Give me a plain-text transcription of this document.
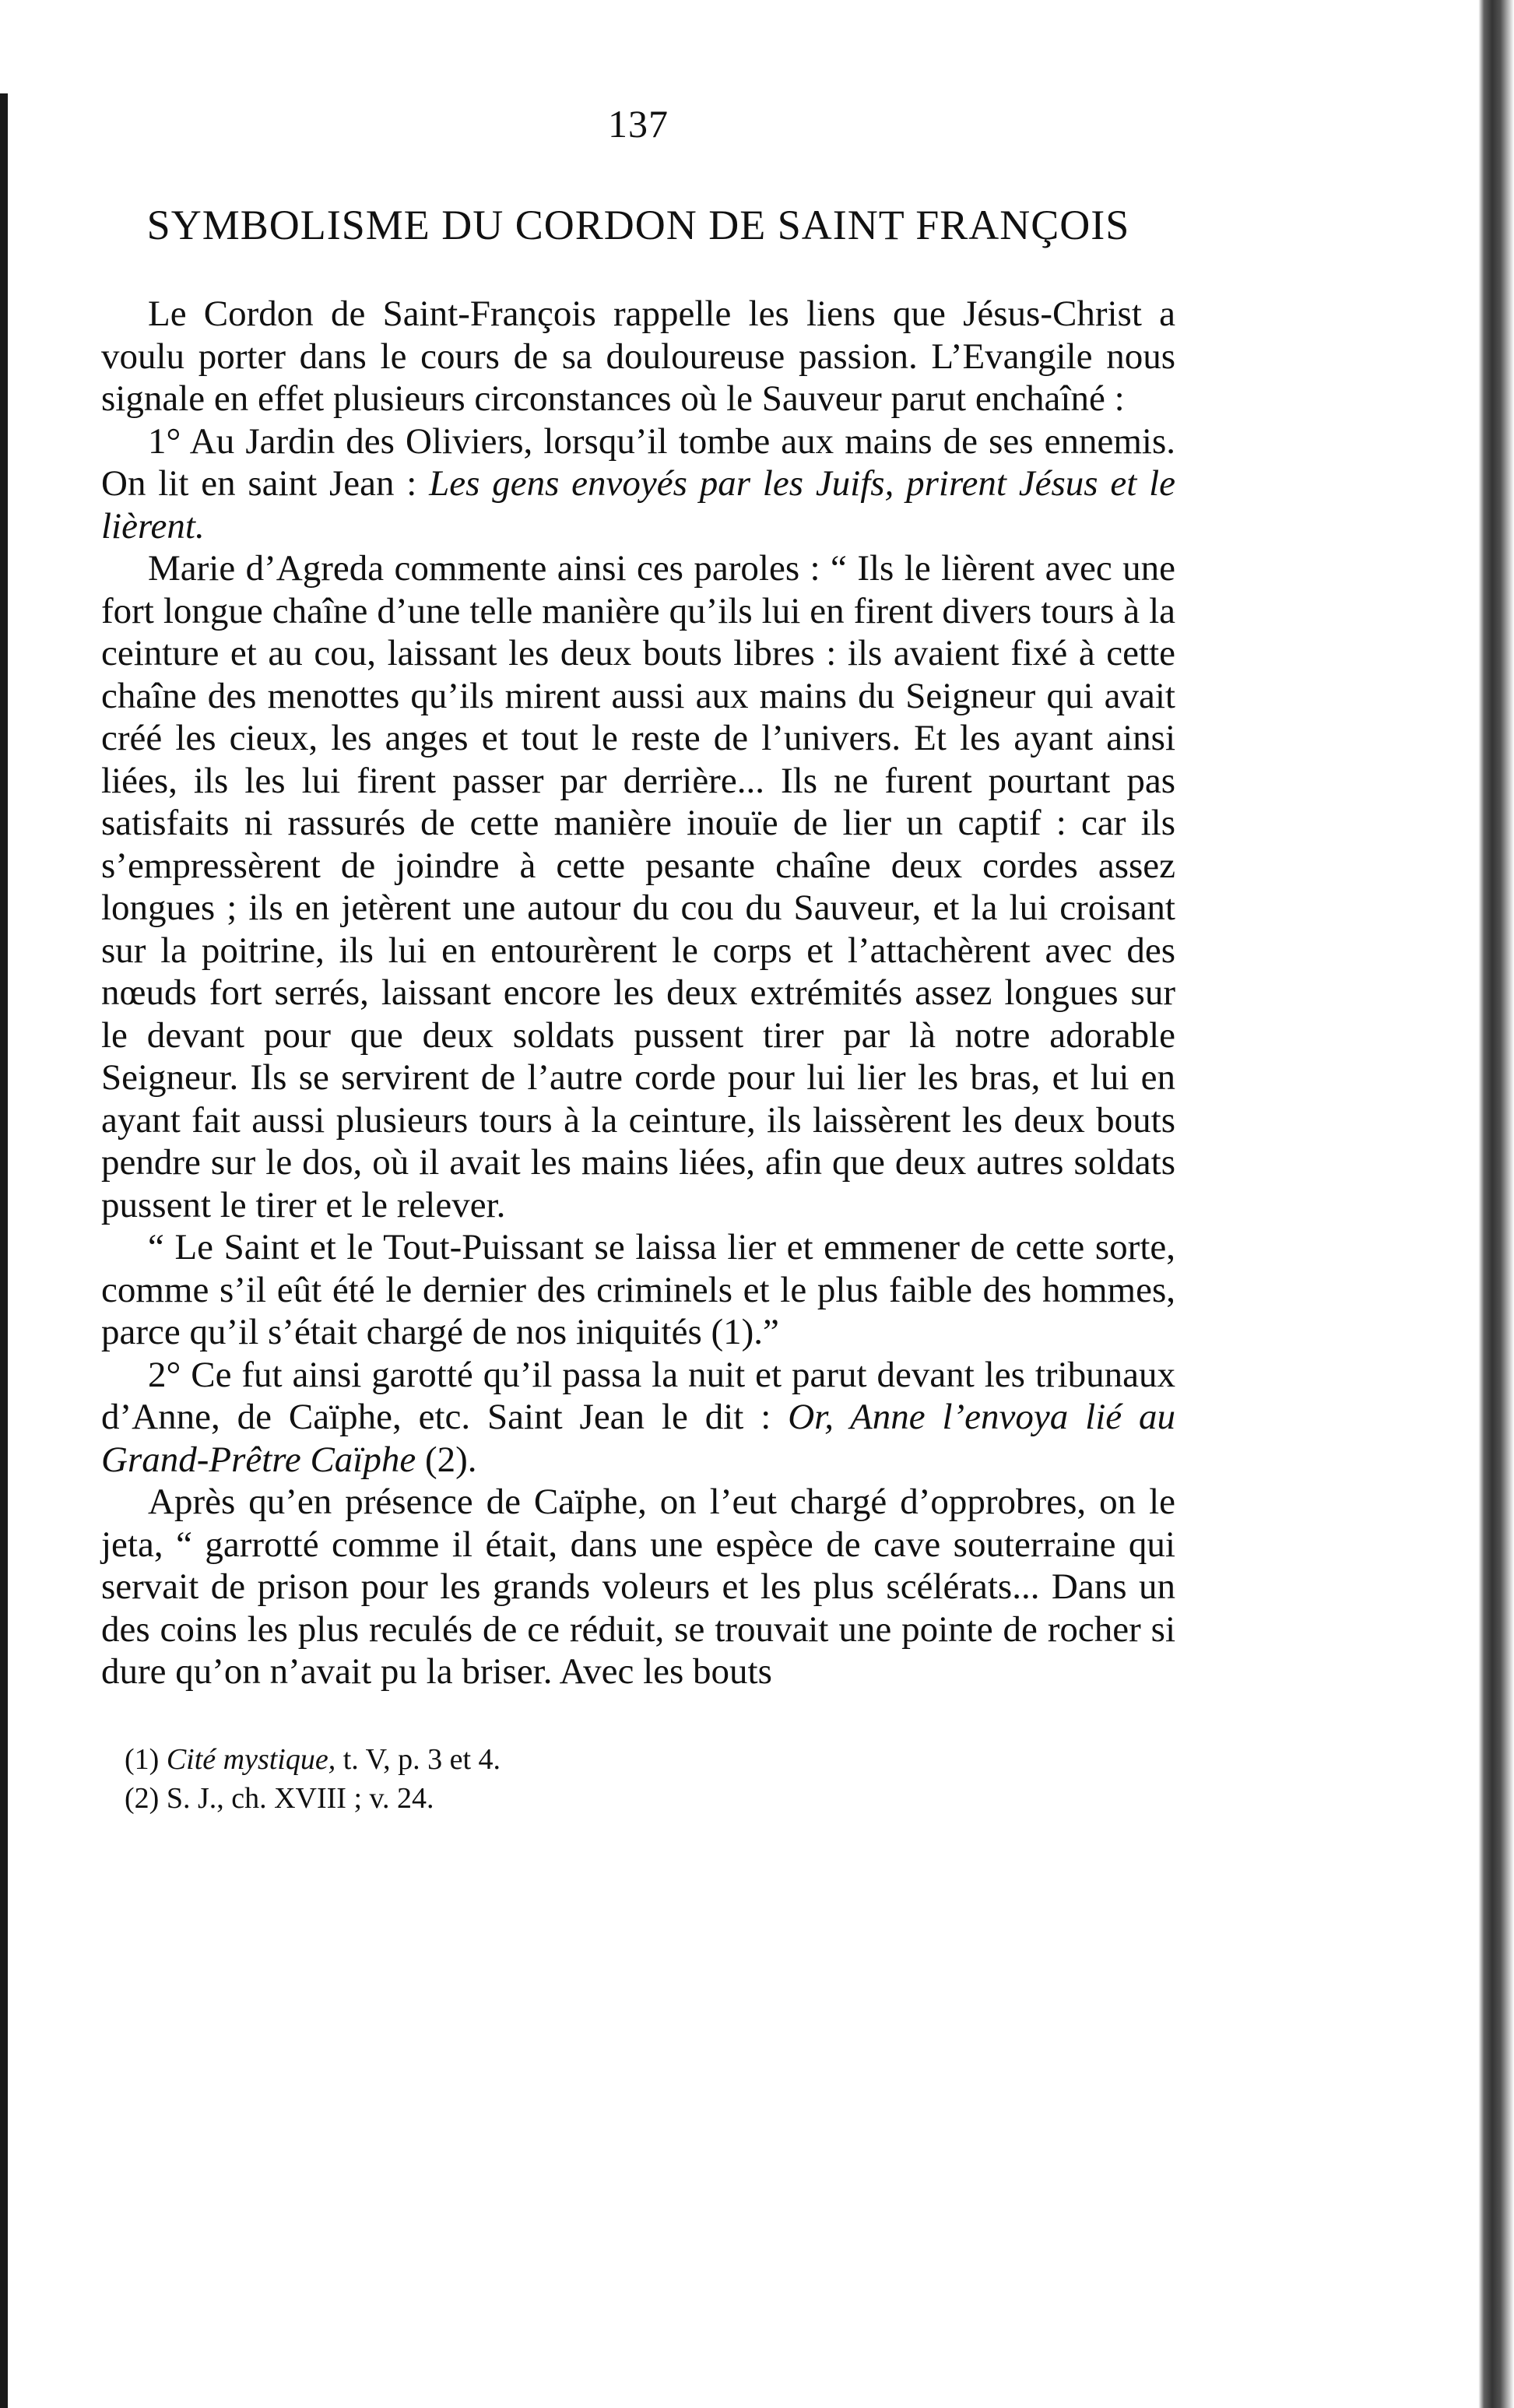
137
SYMBOLISME DU CORDON DE SAINT FRANÇOIS

Le Cordon de Saint-François rappelle les liens que Jésus-Christ a voulu porter dans le cours de sa douloureuse passion. L’Evangile nous signale en effet plusieurs circonstances où le Sauveur parut enchaîné :

1° Au Jardin des Oliviers, lorsqu’il tombe aux mains de ses ennemis. On lit en saint Jean : Les gens envoyés par les Juifs, prirent Jésus et le lièrent.

Marie d’Agreda commente ainsi ces paroles : “ Ils le lièrent avec une fort longue chaîne d’une telle manière qu’ils lui en firent divers tours à la ceinture et au cou, laissant les deux bouts libres : ils avaient fixé à cette chaîne des menottes qu’ils mirent aussi aux mains du Seigneur qui avait créé les cieux, les anges et tout le reste de l’univers. Et les ayant ainsi liées, ils les lui firent passer par derrière... Ils ne furent pourtant pas satisfaits ni rassurés de cette manière inouïe de lier un captif : car ils s’empressèrent de joindre à cette pesante chaîne deux cordes assez longues ; ils en jetèrent une autour du cou du Sauveur, et la lui croisant sur la poitrine, ils lui en entourèrent le corps et l’attachèrent avec des nœuds fort serrés, laissant encore les deux extrémités assez longues sur le devant pour que deux soldats pussent tirer par là notre adorable Seigneur. Ils se servirent de l’autre corde pour lui lier les bras, et lui en ayant fait aussi plusieurs tours à la ceinture, ils laissèrent les deux bouts pendre sur le dos, où il avait les mains liées, afin que deux autres soldats pussent le tirer et le relever.

“ Le Saint et le Tout-Puissant se laissa lier et emmener de cette sorte, comme s’il eût été le dernier des criminels et le plus faible des hommes, parce qu’il s’était chargé de nos iniquités (1).”

2° Ce fut ainsi garotté qu’il passa la nuit et parut devant les tribunaux d’Anne, de Caïphe, etc. Saint Jean le dit : Or, Anne l’envoya lié au Grand-Prêtre Caïphe (2).

Après qu’en présence de Caïphe, on l’eut chargé d’opprobres, on le jeta, “ garrotté comme il était, dans une espèce de cave souterraine qui servait de prison pour les grands voleurs et les plus scélérats... Dans un des coins les plus reculés de ce réduit, se trouvait une pointe de rocher si dure qu’on n’avait pu la briser. Avec les bouts

(1) Cité mystique, t. V, p. 3 et 4.

(2) S. J., ch. XVIII ; v. 24.
